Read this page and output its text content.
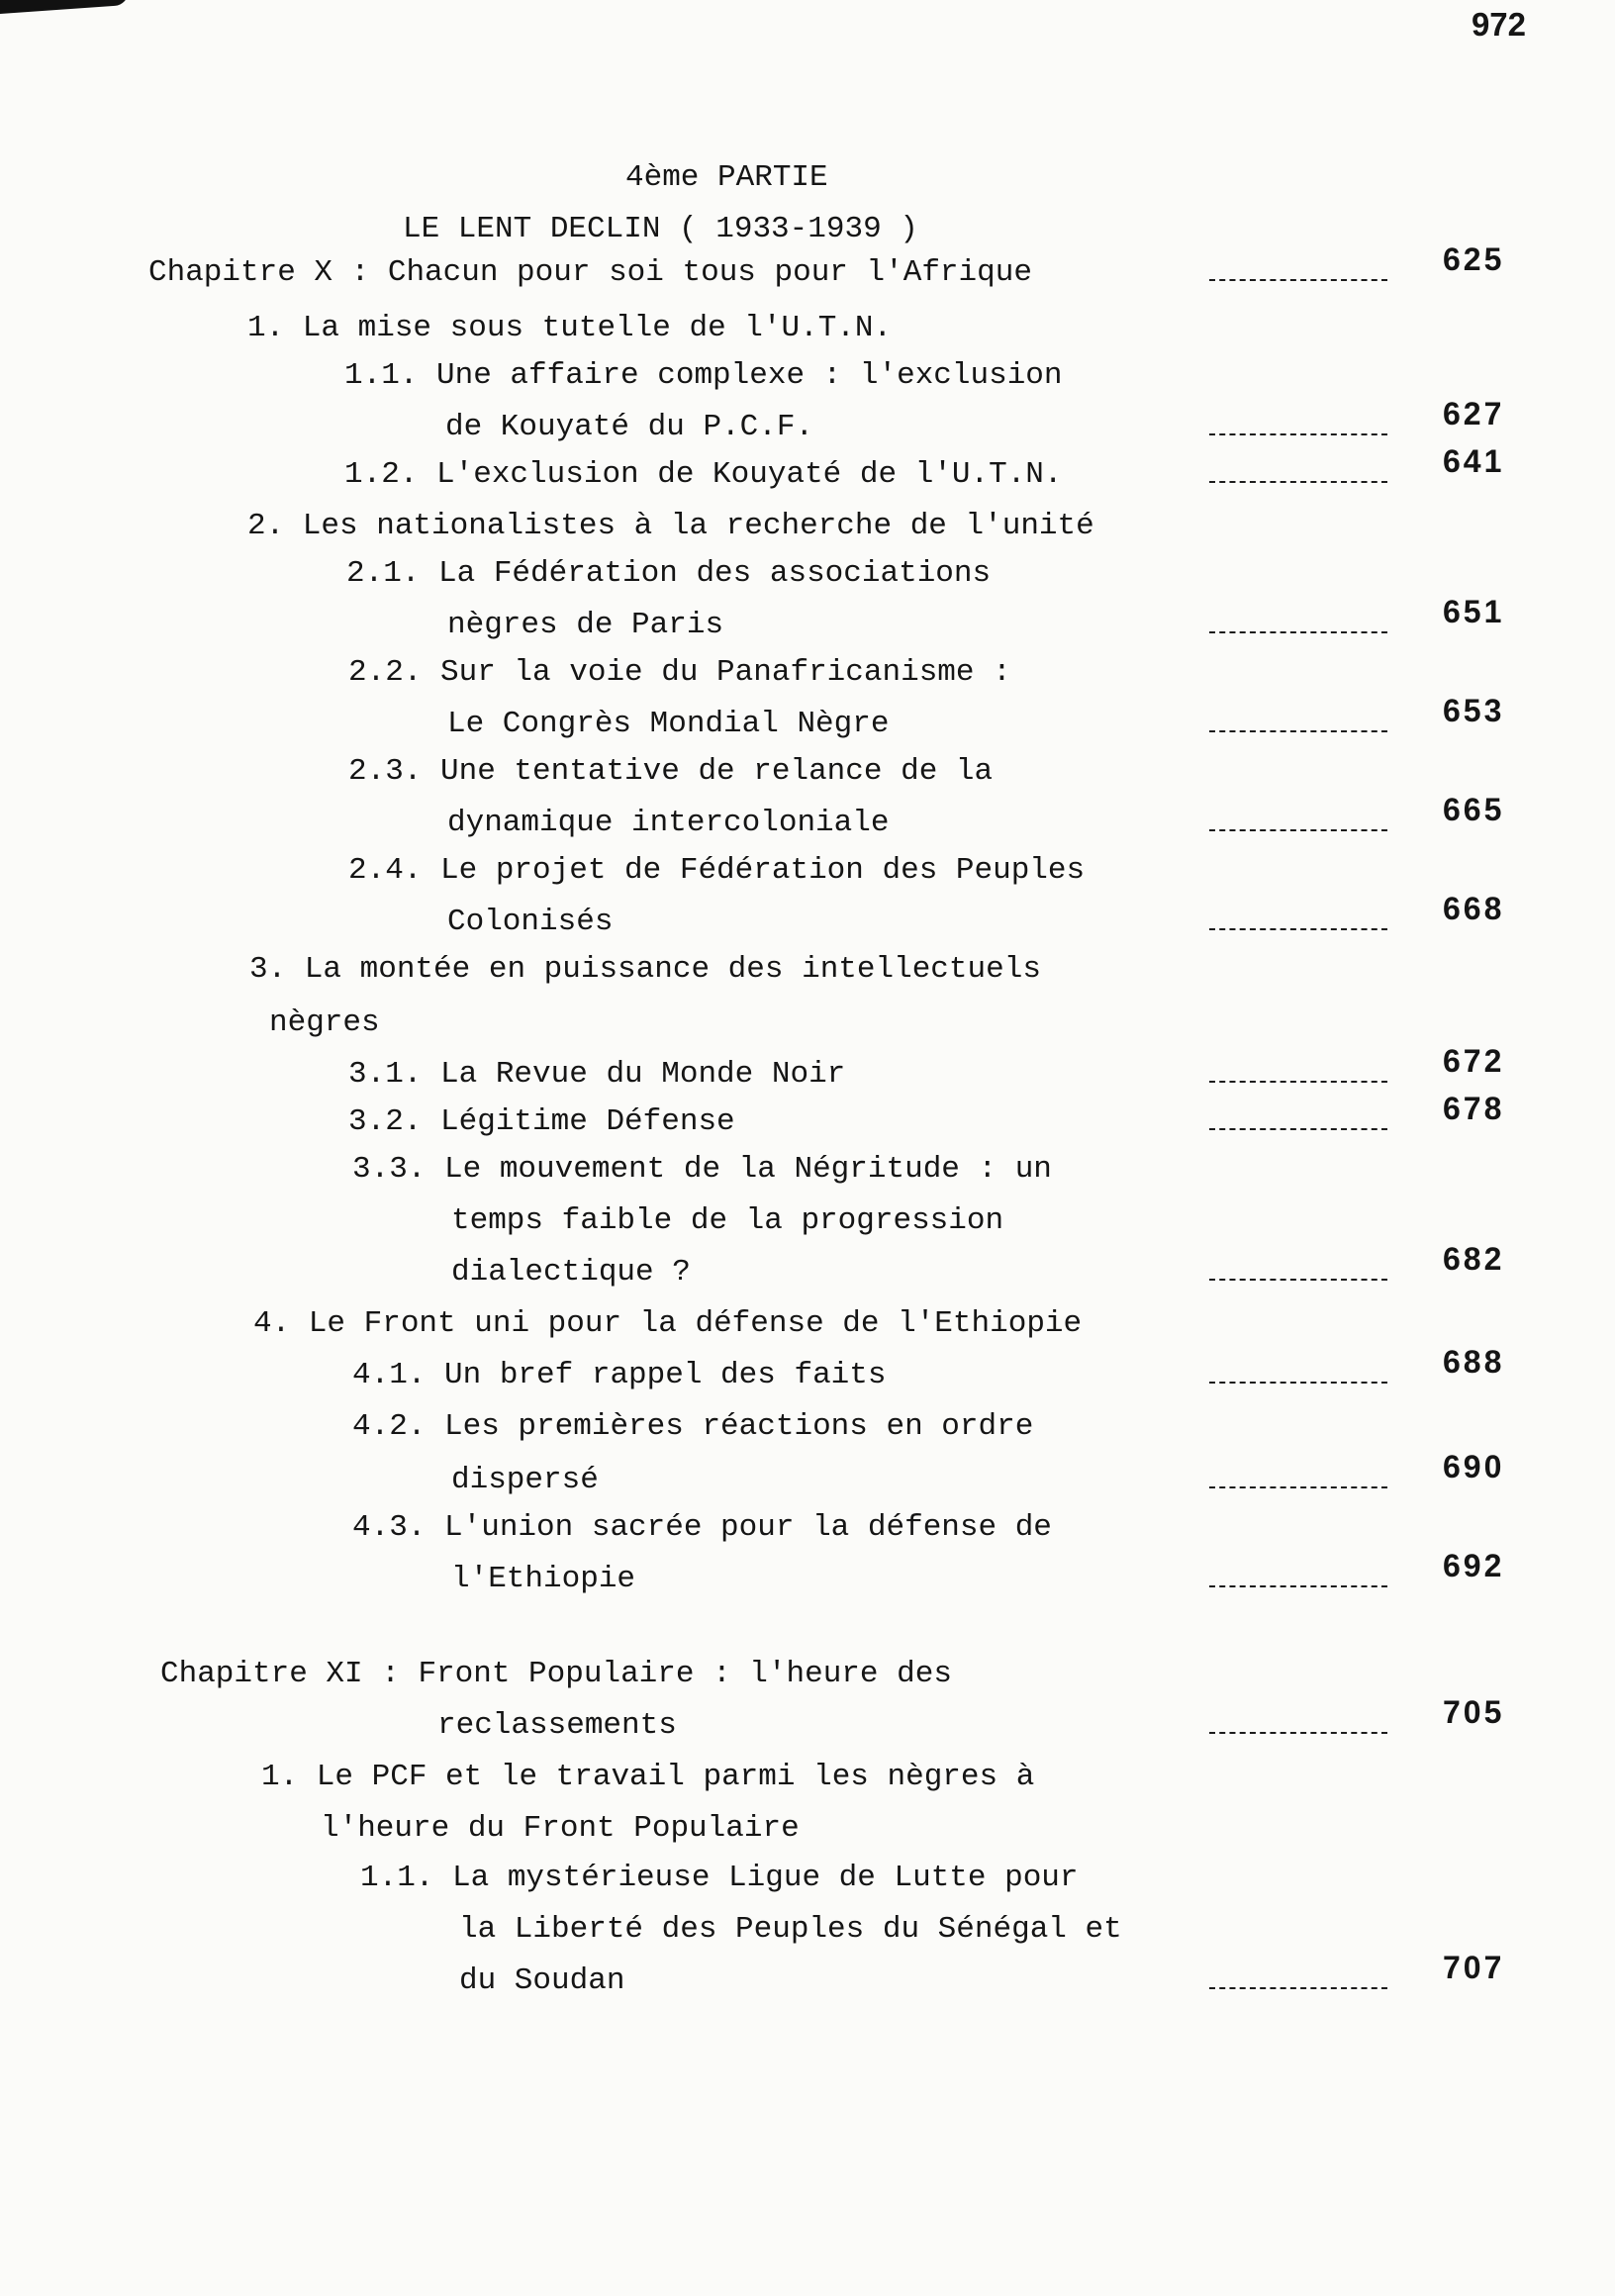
972
4ème PARTIE
LE LENT DECLIN ( 1933-1939 )
Chapitre X : Chacun pour soi tous pour l'Afrique	625
1. La mise sous tutelle de l'U.T.N.
1.1. Une affaire complexe : l'exclusion
de Kouyaté du P.C.F.	627
1.2. L'exclusion de Kouyaté de l'U.T.N.	641
2. Les nationalistes à la recherche de l'unité
2.1. La Fédération des associations
nègres de Paris	651
2.2. Sur la voie du Panafricanisme :
Le Congrès Mondial Nègre	653
2.3. Une tentative de relance de la
dynamique intercoloniale	665
2.4. Le projet de Fédération des Peuples
Colonisés	668
3. La montée en puissance des intellectuels
nègres
3.1. La Revue du Monde Noir	672
3.2. Légitime Défense	678
3.3. Le mouvement de la Négritude : un
temps faible de la progression
dialectique ?	682
4. Le Front uni pour la défense de l'Ethiopie
4.1. Un bref rappel des faits	688
4.2. Les premières réactions en ordre
dispersé	690
4.3. L'union sacrée pour la défense de
l'Ethiopie	692
Chapitre XI : Front Populaire : l'heure des
reclassements	705
1. Le PCF et le travail parmi les nègres à
l'heure du Front Populaire
1.1. La mystérieuse Ligue de Lutte pour
la Liberté des Peuples du Sénégal et
du Soudan	707
